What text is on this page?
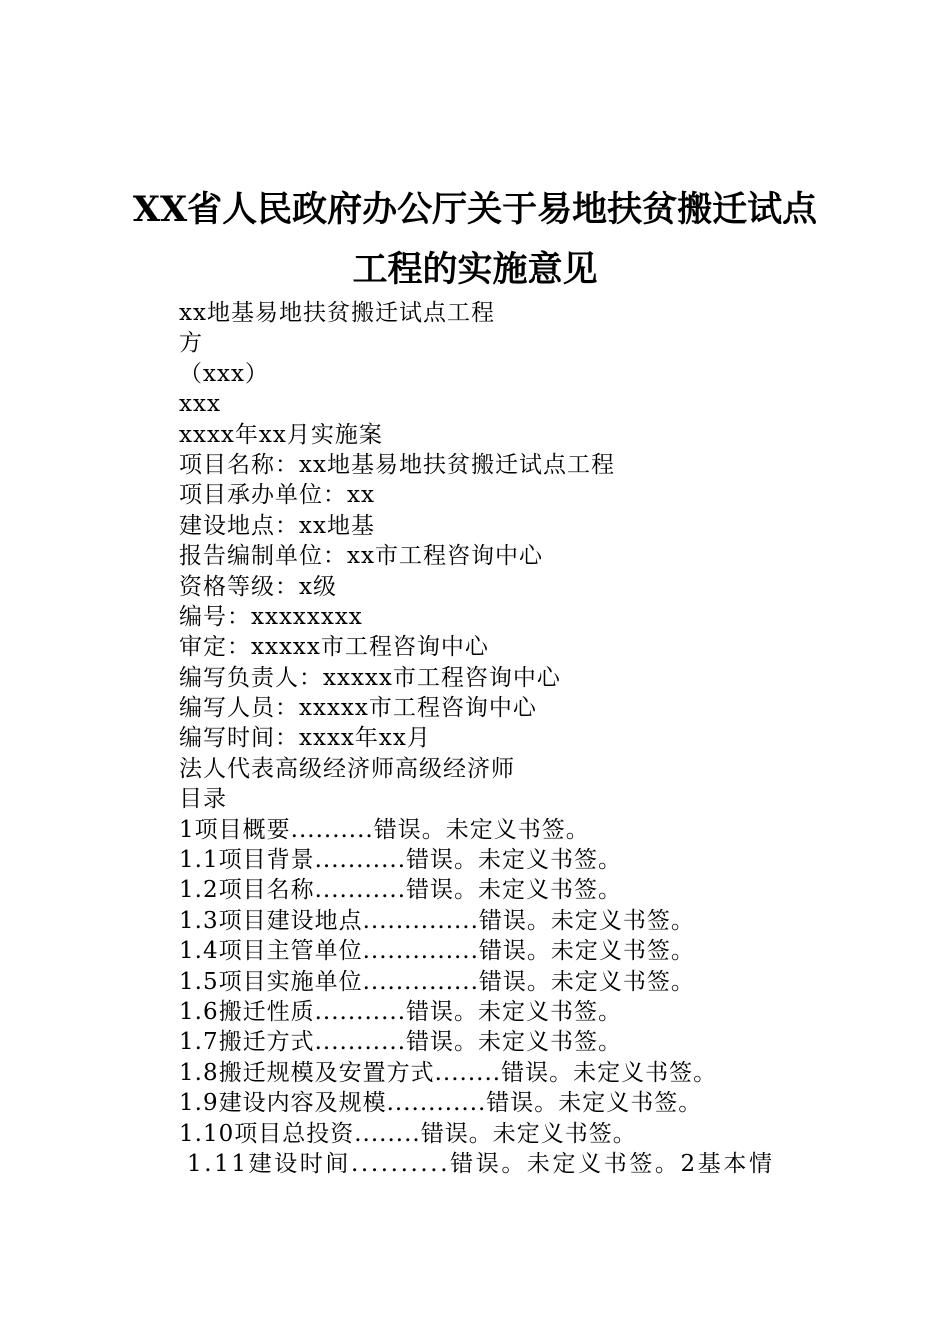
XX省人民政府办公厅关于易地扶贫搬迁试点
工程的实施意见
xx地基易地扶贫搬迁试点工程
方
（xxx）
xxx
xxxx年xx月实施案
项目名称：xx地基易地扶贫搬迁试点工程
项目承办单位：xx
建设地点：xx地基
报告编制单位：xx市工程咨询中心
资格等级：x级
编号：xxxxxxxx
审定：xxxxx市工程咨询中心
编写负责人：xxxxx市工程咨询中心
编写人员：xxxxx市工程咨询中心
编写时间：xxxx年xx月
法人代表高级经济师高级经济师
目录
1项目概要..........错误。未定义书签。
1.1项目背景...........错误。未定义书签。
1.2项目名称...........错误。未定义书签。
1.3项目建设地点..............错误。未定义书签。
1.4项目主管单位..............错误。未定义书签。
1.5项目实施单位..............错误。未定义书签。
1.6搬迁性质...........错误。未定义书签。
1.7搬迁方式...........错误。未定义书签。
1.8搬迁规模及安置方式........错误。未定义书签。
1.9建设内容及规模............错误。未定义书签。
1.10项目总投资........错误。未定义书签。
1.11建设时间..........错误。未定义书签。2基本情
